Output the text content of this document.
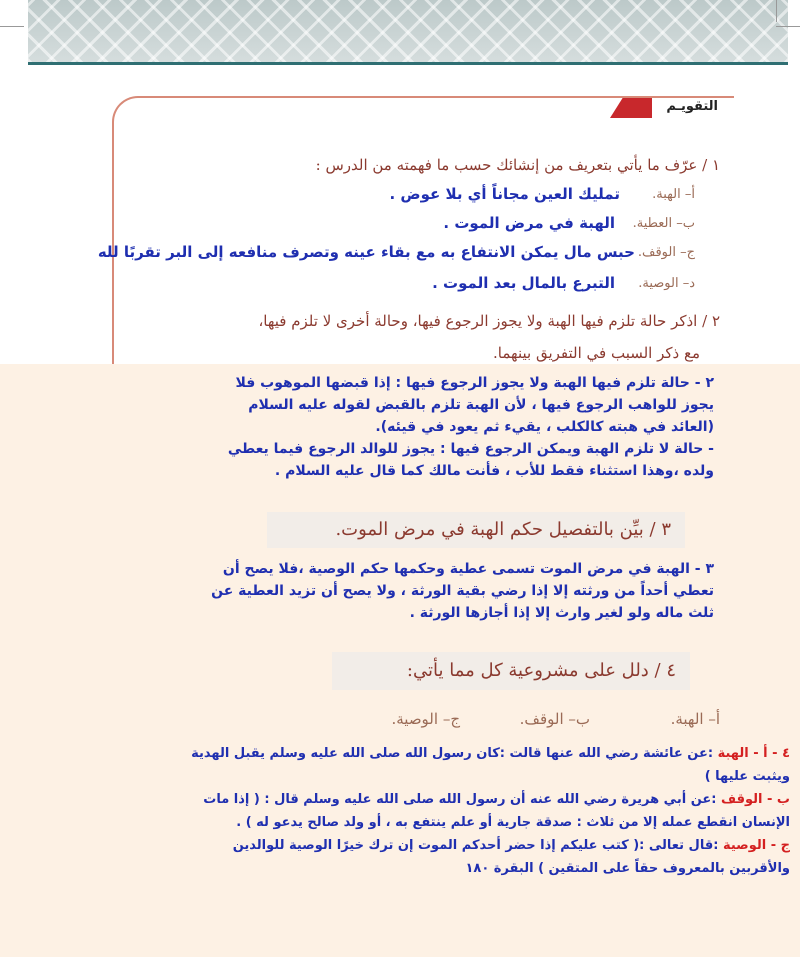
التقويـم
١ / عرّف ما يأتي بتعريف من إنشائك حسب ما فهمته من الدرس :
أ– الهبة.
تمليك العين مجاناً أي بلا عوض .
ب– العطية.
الهبة في مرض الموت .
ج– الوقف.
حبس مال يمكن الانتفاع به مع بقاء عينه وتصرف منافعه إلى البر تقربًا لله
د– الوصية.
التبرع بالمال بعد الموت .
٢ / اذكر حالة تلزم فيها الهبة ولا يجوز الرجوع فيها، وحالة أخرى لا تلزم فيها،
مع ذكر السبب في التفريق بينهما.
٢ - حالة تلزم فيها الهبة ولا يجوز الرجوع فيها : إذا قبضها الموهوب فلا
يجوز للواهب الرجوع فيها ، لأن الهبة تلزم بالقبض لقوله عليه السلام
(العائد في هبته كالكلب ، يقيء ثم يعود في قيئه).
- حالة لا تلزم الهبة ويمكن الرجوع فيها : يجوز للوالد الرجوع فيما يعطي
ولده ،وهذا استثناء فقط للأب ، فأنت مالك كما قال عليه السلام .
٣ / بيِّن بالتفصيل حكم الهبة في مرض الموت.
٣ - الهبة في مرض الموت تسمى عطية وحكمها حكم الوصية ،فلا يصح أن
تعطي أحداً من ورثته إلا إذا رضي بقية الورثة ، ولا يصح أن تزيد العطية عن
ثلث ماله ولو لغير وارث إلا إذا أجازها الورثة .
٤ / دلل على مشروعية كل مما يأتي:
أ– الهبة.
ب– الوقف.
ج– الوصية.
٤ - أ - الهبة :عن عائشة رضي الله عنها قالت :كان رسول الله صلى الله عليه وسلم يقبل الهدية
ويثبت عليها )
ب - الوقف :عن أبي هريرة رضي الله عنه أن رسول الله صلى الله عليه وسلم قال : ( إذا مات
الإنسان انقطع عمله إلا من ثلاث : صدقة جارية أو علم ينتفع به ، أو ولد صالح يدعو له ) .
ج - الوصية :قال تعالى :( كتب عليكم إذا حضر أحدكم الموت إن ترك خيرًا الوصية للوالدين
والأقربين بالمعروف حقاً على المتقين ) البقرة ١٨٠
